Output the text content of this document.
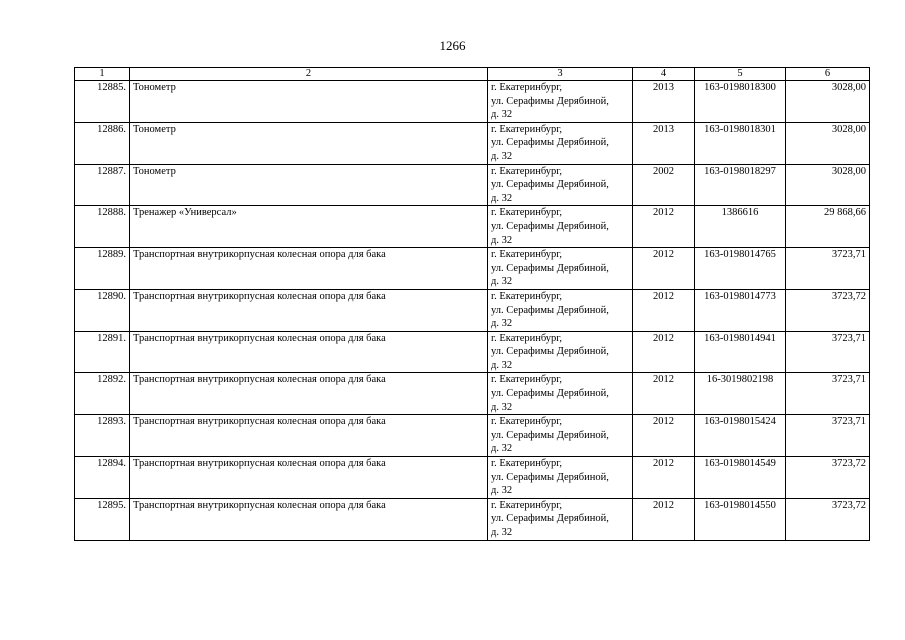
1266
1	2	3	4	5	6
12885.	Тонометр	г. Екатеринбург,
ул. Серафимы Дерябиной,
д. 32	2013	163-0198018300	3028,00
12886.	Тонометр	г. Екатеринбург,
ул. Серафимы Дерябиной,
д. 32	2013	163-0198018301	3028,00
12887.	Тонометр	г. Екатеринбург,
ул. Серафимы Дерябиной,
д. 32	2002	163-0198018297	3028,00
12888.	Тренажер «Универсал»	г. Екатеринбург,
ул. Серафимы Дерябиной,
д. 32	2012	1386616	29 868,66
12889.	Транспортная внутрикорпусная колесная опора для бака	г. Екатеринбург,
ул. Серафимы Дерябиной,
д. 32	2012	163-0198014765	3723,71
12890.	Транспортная внутрикорпусная колесная опора для бака	г. Екатеринбург,
ул. Серафимы Дерябиной,
д. 32	2012	163-0198014773	3723,72
12891.	Транспортная внутрикорпусная колесная опора для бака	г. Екатеринбург,
ул. Серафимы Дерябиной,
д. 32	2012	163-0198014941	3723,71
12892.	Транспортная внутрикорпусная колесная опора для бака	г. Екатеринбург,
ул. Серафимы Дерябиной,
д. 32	2012	16-3019802198	3723,71
12893.	Транспортная внутрикорпусная колесная опора для бака	г. Екатеринбург,
ул. Серафимы Дерябиной,
д. 32	2012	163-0198015424	3723,71
12894.	Транспортная внутрикорпусная колесная опора для бака	г. Екатеринбург,
ул. Серафимы Дерябиной,
д. 32	2012	163-0198014549	3723,72
12895.	Транспортная внутрикорпусная колесная опора для бака	г. Екатеринбург,
ул. Серафимы Дерябиной,
д. 32	2012	163-0198014550	3723,72
